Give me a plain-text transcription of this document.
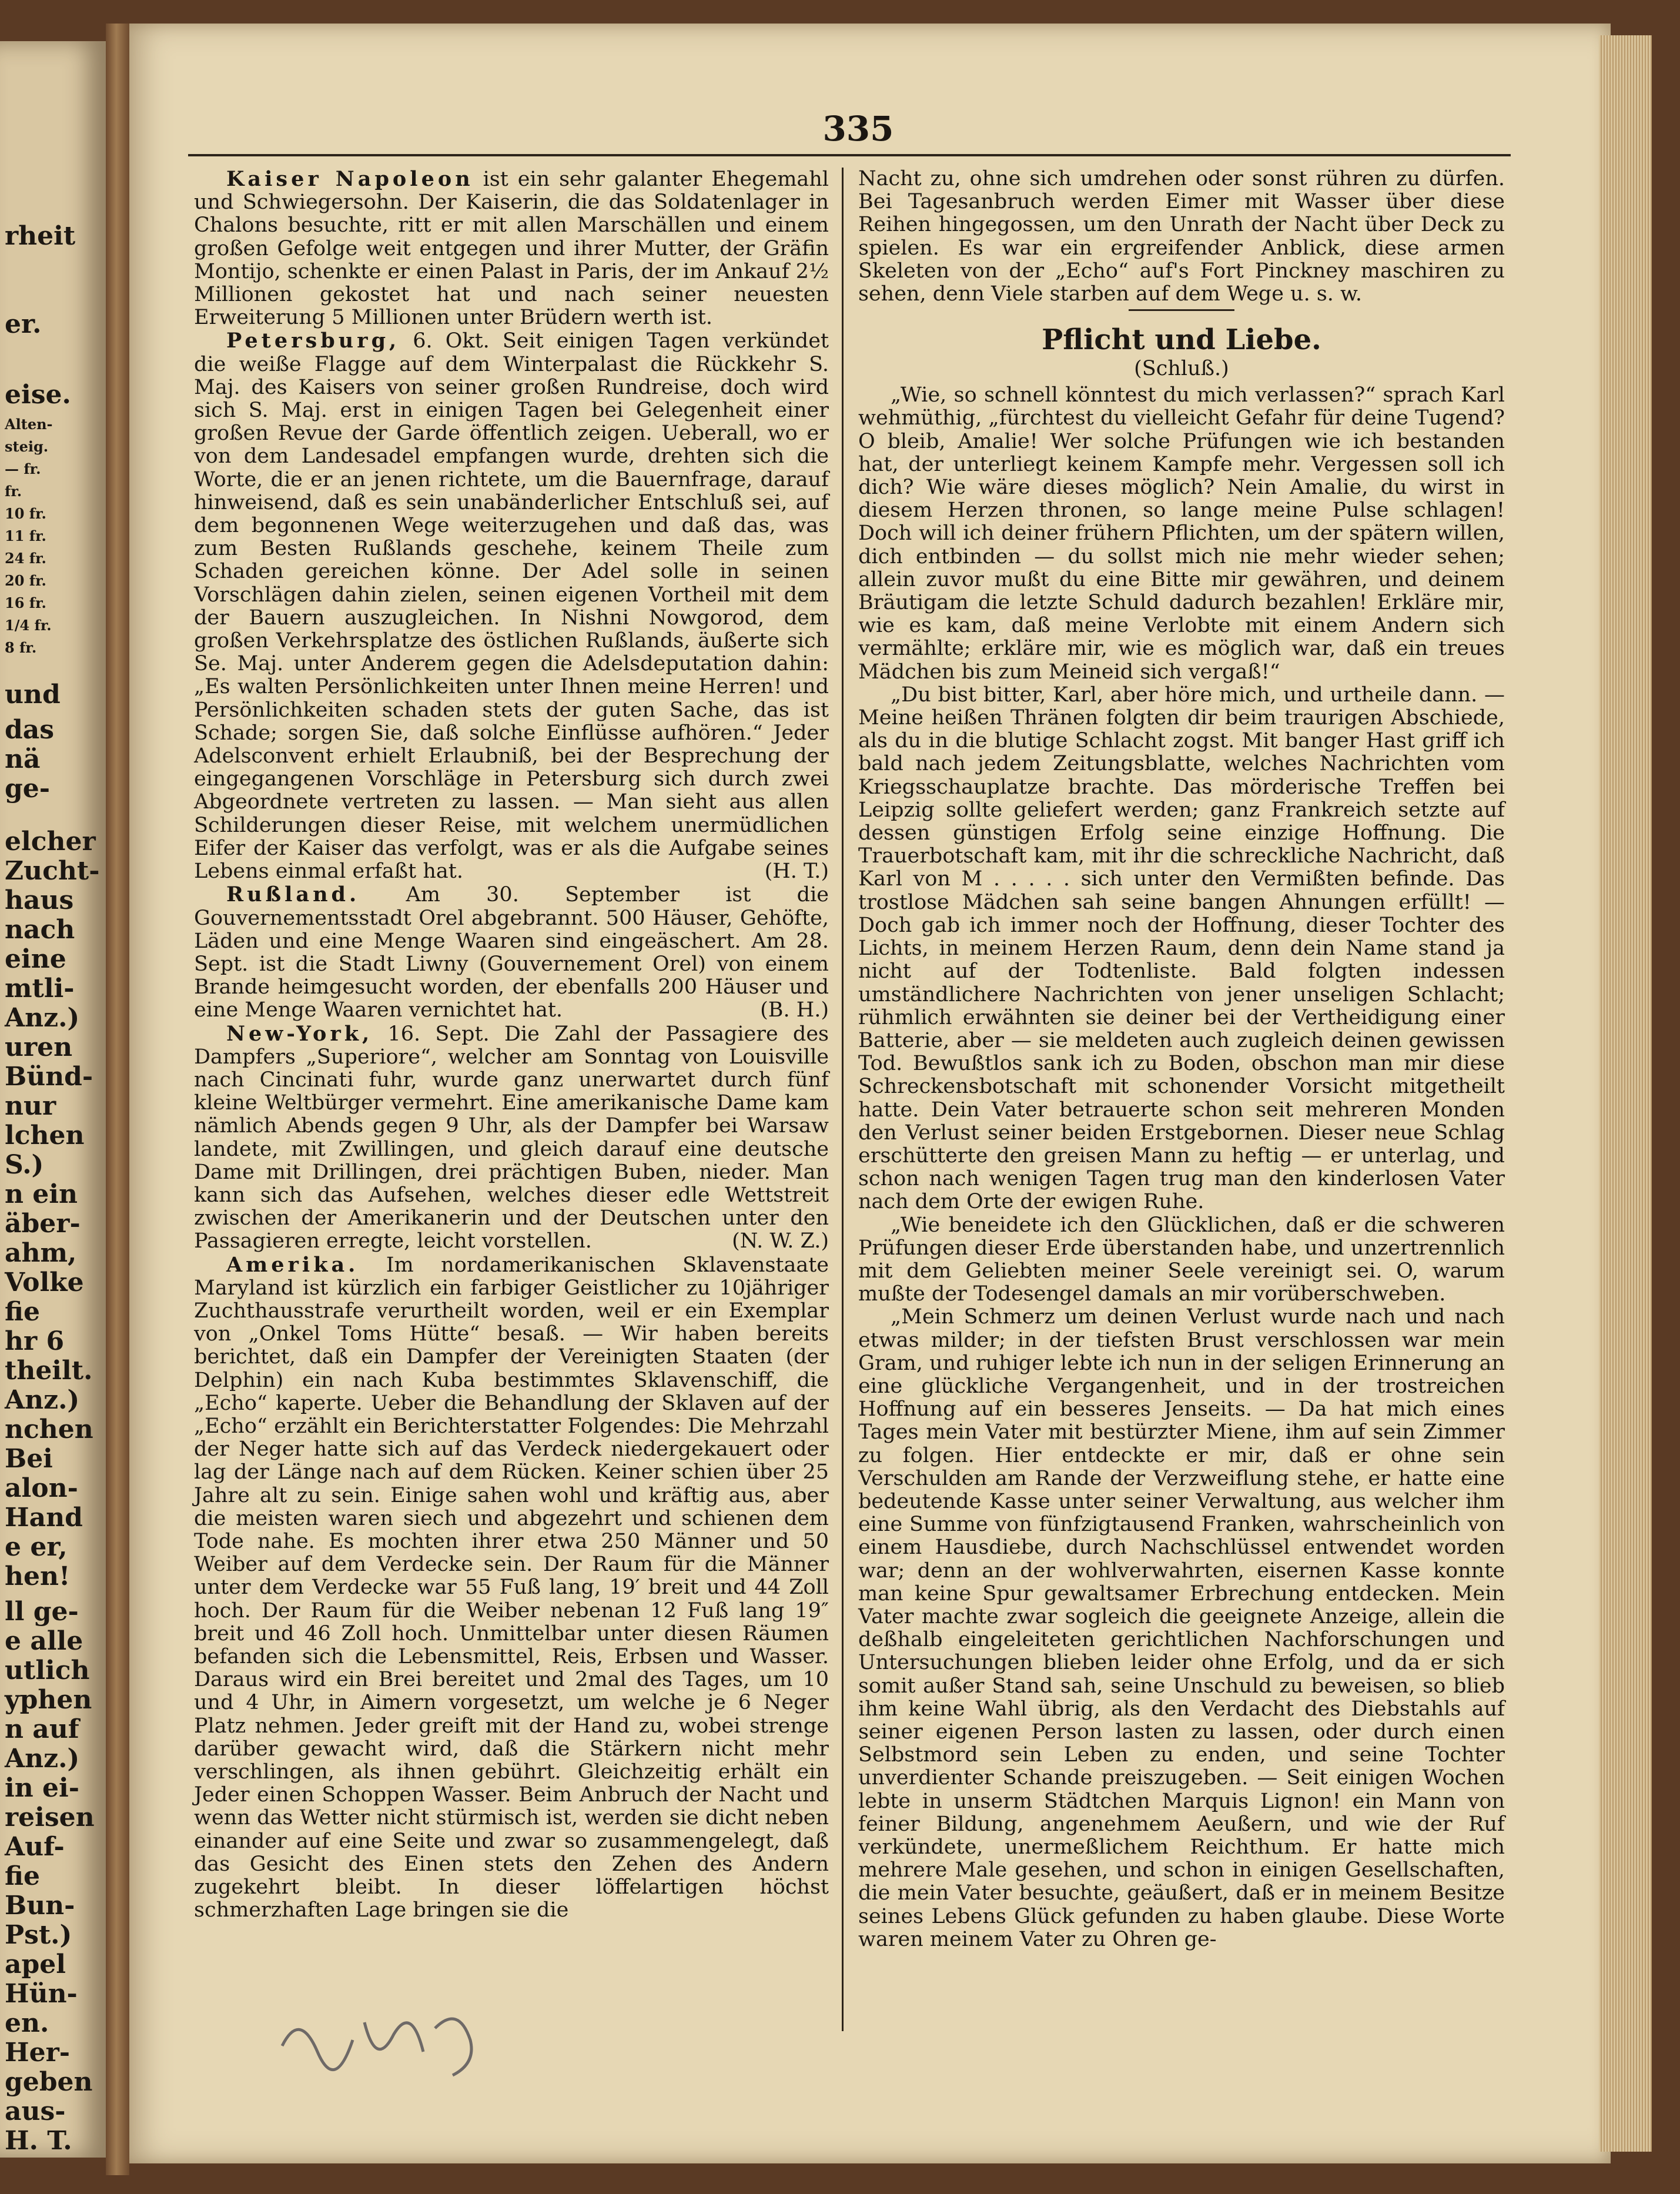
rheit
er.
eise.
und
das
nä
ge-
elcher
Zucht-
haus
nach
eine
mtli-
Anz.)
uren
Bünd-
nur
lchen
S.)
n ein
äber-
ahm,
Volke
fie
hr 6
theilt.
Anz.)
nchen
Bei
alon-
Hand
e er,
hen!
ll ge-
e alle
utlich
yphen
n auf
Anz.)
in ei-
reisen
Auf-
fie
Bun-
Pst.)
apel
Hün-
en.
Her-
geben
aus-
H. T.
Alten-
steig.
— fr.
fr.
10 fr.
11 fr.
24 fr.
20 fr.
16 fr.
1/4 fr.
8 fr.
335

Kaiser Napoleon ist ein sehr galanter Ehegemahl und Schwiegersohn. Der Kaiserin, die das Soldatenlager in Chalons besuchte, ritt er mit allen Marschällen und einem großen Gefolge weit entgegen und ihrer Mutter, der Gräfin Montijo, schenkte er einen Palast in Paris, der im Ankauf 2½ Millionen gekostet hat und nach seiner neuesten Erweiterung 5 Millionen unter Brüdern werth ist.

Petersburg, 6. Okt. Seit einigen Tagen verkündet die weiße Flagge auf dem Winterpalast die Rückkehr S. Maj. des Kaisers von seiner großen Rundreise, doch wird sich S. Maj. erst in einigen Tagen bei Gelegenheit einer großen Revue der Garde öffentlich zeigen. Ueberall, wo er von dem Landesadel empfangen wurde, drehten sich die Worte, die er an jenen richtete, um die Bauernfrage, darauf hinweisend, daß es sein unabänderlicher Entschluß sei, auf dem begonnenen Wege weiterzugehen und daß das, was zum Besten Rußlands geschehe, keinem Theile zum Schaden gereichen könne. Der Adel solle in seinen Vorschlägen dahin zielen, seinen eigenen Vortheil mit dem der Bauern auszugleichen. In Nishni Nowgorod, dem großen Verkehrsplatze des östlichen Rußlands, äußerte sich Se. Maj. unter Anderem gegen die Adelsdeputation dahin: „Es walten Persönlichkeiten unter Ihnen meine Herren! und Persönlichkeiten schaden stets der guten Sache, das ist Schade; sorgen Sie, daß solche Einflüsse aufhören.“ Jeder Adelsconvent erhielt Erlaubniß, bei der Besprechung der eingegangenen Vorschläge in Petersburg sich durch zwei Abgeordnete vertreten zu lassen. — Man sieht aus allen Schilderungen dieser Reise, mit welchem unermüdlichen Eifer der Kaiser das verfolgt, was er als die Aufgabe seines Lebens einmal erfaßt hat.	(H. T.)

Rußland. Am 30. September ist die Gouvernementsstadt Orel abgebrannt. 500 Häuser, Gehöfte, Läden und eine Menge Waaren sind eingeäschert. Am 28. Sept. ist die Stadt Liwny (Gouvernement Orel) von einem Brande heimgesucht worden, der ebenfalls 200 Häuser und eine Menge Waaren vernichtet hat.	(B. H.)

New-York, 16. Sept. Die Zahl der Passagiere des Dampfers „Superiore“, welcher am Sonntag von Louisville nach Cincinati fuhr, wurde ganz unerwartet durch fünf kleine Weltbürger vermehrt. Eine amerikanische Dame kam nämlich Abends gegen 9 Uhr, als der Dampfer bei Warsaw landete, mit Zwillingen, und gleich darauf eine deutsche Dame mit Drillingen, drei prächtigen Buben, nieder. Man kann sich das Aufsehen, welches dieser edle Wettstreit zwischen der Amerikanerin und der Deutschen unter den Passagieren erregte, leicht vorstellen.	(N. W. Z.)

Amerika. Im nordamerikanischen Sklavenstaate Maryland ist kürzlich ein farbiger Geistlicher zu 10jähriger Zuchthausstrafe verurtheilt worden, weil er ein Exemplar von „Onkel Toms Hütte“ besaß. — Wir haben bereits berichtet, daß ein Dampfer der Vereinigten Staaten (der Delphin) ein nach Kuba bestimmtes Sklavenschiff, die „Echo“ kaperte. Ueber die Behandlung der Sklaven auf der „Echo“ erzählt ein Berichterstatter Folgendes: Die Mehrzahl der Neger hatte sich auf das Verdeck niedergekauert oder lag der Länge nach auf dem Rücken. Keiner schien über 25 Jahre alt zu sein. Einige sahen wohl und kräftig aus, aber die meisten waren siech und abgezehrt und schienen dem Tode nahe. Es mochten ihrer etwa 250 Männer und 50 Weiber auf dem Verdecke sein. Der Raum für die Männer unter dem Verdecke war 55 Fuß lang, 19′ breit und 44 Zoll hoch. Der Raum für die Weiber nebenan 12 Fuß lang 19″ breit und 46 Zoll hoch. Unmittelbar unter diesen Räumen befanden sich die Lebensmittel, Reis, Erbsen und Wasser. Daraus wird ein Brei bereitet und 2mal des Tages, um 10 und 4 Uhr, in Aimern vorgesetzt, um welche je 6 Neger Platz nehmen. Jeder greift mit der Hand zu, wobei strenge darüber gewacht wird, daß die Stärkern nicht mehr verschlingen, als ihnen gebührt. Gleichzeitig erhält ein Jeder einen Schoppen Wasser. Beim Anbruch der Nacht und wenn das Wetter nicht stürmisch ist, werden sie dicht neben einander auf eine Seite und zwar so zusammengelegt, daß das Gesicht des Einen stets den Zehen des Andern zugekehrt bleibt. In dieser löffelartigen höchst schmerzhaften Lage bringen sie die

Nacht zu, ohne sich umdrehen oder sonst rühren zu dürfen. Bei Tagesanbruch werden Eimer mit Wasser über diese Reihen hingegossen, um den Unrath der Nacht über Deck zu spielen. Es war ein ergreifender Anblick, diese armen Skeleten von der „Echo“ auf's Fort Pinckney maschiren zu sehen, denn Viele starben auf dem Wege u. s. w.

Pflicht und Liebe.
(Schluß.)

„Wie, so schnell könntest du mich verlassen?“ sprach Karl wehmüthig, „fürchtest du vielleicht Gefahr für deine Tugend? O bleib, Amalie! Wer solche Prüfungen wie ich bestanden hat, der unterliegt keinem Kampfe mehr. Vergessen soll ich dich? Wie wäre dieses möglich? Nein Amalie, du wirst in diesem Herzen thronen, so lange meine Pulse schlagen! Doch will ich deiner frühern Pflichten, um der spätern willen, dich entbinden — du sollst mich nie mehr wieder sehen; allein zuvor mußt du eine Bitte mir gewähren, und deinem Bräutigam die letzte Schuld dadurch bezahlen! Erkläre mir, wie es kam, daß meine Verlobte mit einem Andern sich vermählte; erkläre mir, wie es möglich war, daß ein treues Mädchen bis zum Meineid sich vergaß!“

„Du bist bitter, Karl, aber höre mich, und urtheile dann. — Meine heißen Thränen folgten dir beim traurigen Abschiede, als du in die blutige Schlacht zogst. Mit banger Hast griff ich bald nach jedem Zeitungsblatte, welches Nachrichten vom Kriegsschauplatze brachte. Das mörderische Treffen bei Leipzig sollte geliefert werden; ganz Frankreich setzte auf dessen günstigen Erfolg seine einzige Hoffnung. Die Trauerbotschaft kam, mit ihr die schreckliche Nachricht, daß Karl von M . . . . . sich unter den Vermißten befinde. Das trostlose Mädchen sah seine bangen Ahnungen erfüllt! — Doch gab ich immer noch der Hoffnung, dieser Tochter des Lichts, in meinem Herzen Raum, denn dein Name stand ja nicht auf der Todtenliste. Bald folgten indessen umständlichere Nachrichten von jener unseligen Schlacht; rühmlich erwähnten sie deiner bei der Vertheidigung einer Batterie, aber — sie meldeten auch zugleich deinen gewissen Tod. Bewußtlos sank ich zu Boden, obschon man mir diese Schreckensbotschaft mit schonender Vorsicht mitgetheilt hatte. Dein Vater betrauerte schon seit mehreren Monden den Verlust seiner beiden Erstgebornen. Dieser neue Schlag erschütterte den greisen Mann zu heftig — er unterlag, und schon nach wenigen Tagen trug man den kinderlosen Vater nach dem Orte der ewigen Ruhe.

„Wie beneidete ich den Glücklichen, daß er die schweren Prüfungen dieser Erde überstanden habe, und unzertrennlich mit dem Geliebten meiner Seele vereinigt sei. O, warum mußte der Todesengel damals an mir vorüberschweben.

„Mein Schmerz um deinen Verlust wurde nach und nach etwas milder; in der tiefsten Brust verschlossen war mein Gram, und ruhiger lebte ich nun in der seligen Erinnerung an eine glückliche Vergangenheit, und in der trostreichen Hoffnung auf ein besseres Jenseits. — Da hat mich eines Tages mein Vater mit bestürzter Miene, ihm auf sein Zimmer zu folgen. Hier entdeckte er mir, daß er ohne sein Verschulden am Rande der Verzweiflung stehe, er hatte eine bedeutende Kasse unter seiner Verwaltung, aus welcher ihm eine Summe von fünfzigtausend Franken, wahrscheinlich von einem Hausdiebe, durch Nachschlüssel entwendet worden war; denn an der wohlverwahrten, eisernen Kasse konnte man keine Spur gewaltsamer Erbrechung entdecken. Mein Vater machte zwar sogleich die geeignete Anzeige, allein die deßhalb eingeleiteten gerichtlichen Nachforschungen und Untersuchungen blieben leider ohne Erfolg, und da er sich somit außer Stand sah, seine Unschuld zu beweisen, so blieb ihm keine Wahl übrig, als den Verdacht des Diebstahls auf seiner eigenen Person lasten zu lassen, oder durch einen Selbstmord sein Leben zu enden, und seine Tochter unverdienter Schande preiszugeben. — Seit einigen Wochen lebte in unserm Städtchen Marquis Lignon! ein Mann von feiner Bildung, angenehmem Aeußern, und wie der Ruf verkündete, unermeßlichem Reichthum. Er hatte mich mehrere Male gesehen, und schon in einigen Gesellschaften, die mein Vater besuchte, geäußert, daß er in meinem Besitze seines Lebens Glück gefunden zu haben glaube. Diese Worte waren meinem Vater zu Ohren ge-
